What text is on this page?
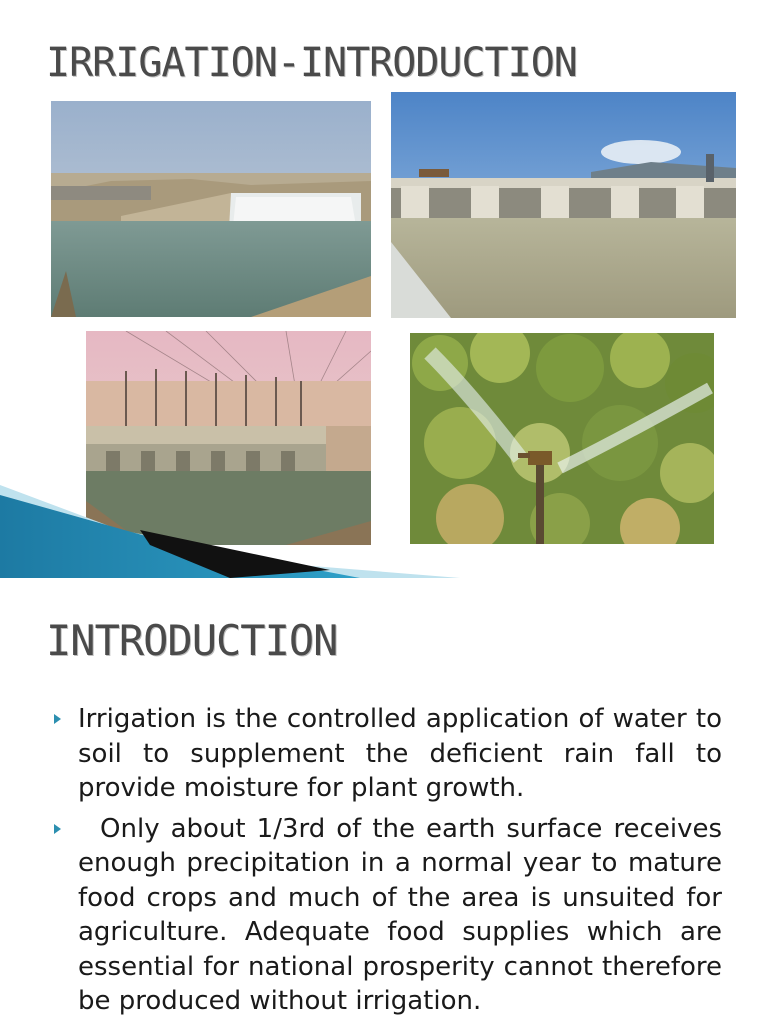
IRRIGATION-INTRODUCTION
INTRODUCTION
Irrigation is the controlled application of water to soil to supplement the deficient rain fall to provide moisture for plant growth.
Only about 1/3rd of the earth surface receives enough precipitation in a normal year to mature food crops and much of the area is unsuited for agriculture. Adequate food supplies which are essential for national prosperity cannot therefore be produced without irrigation.
